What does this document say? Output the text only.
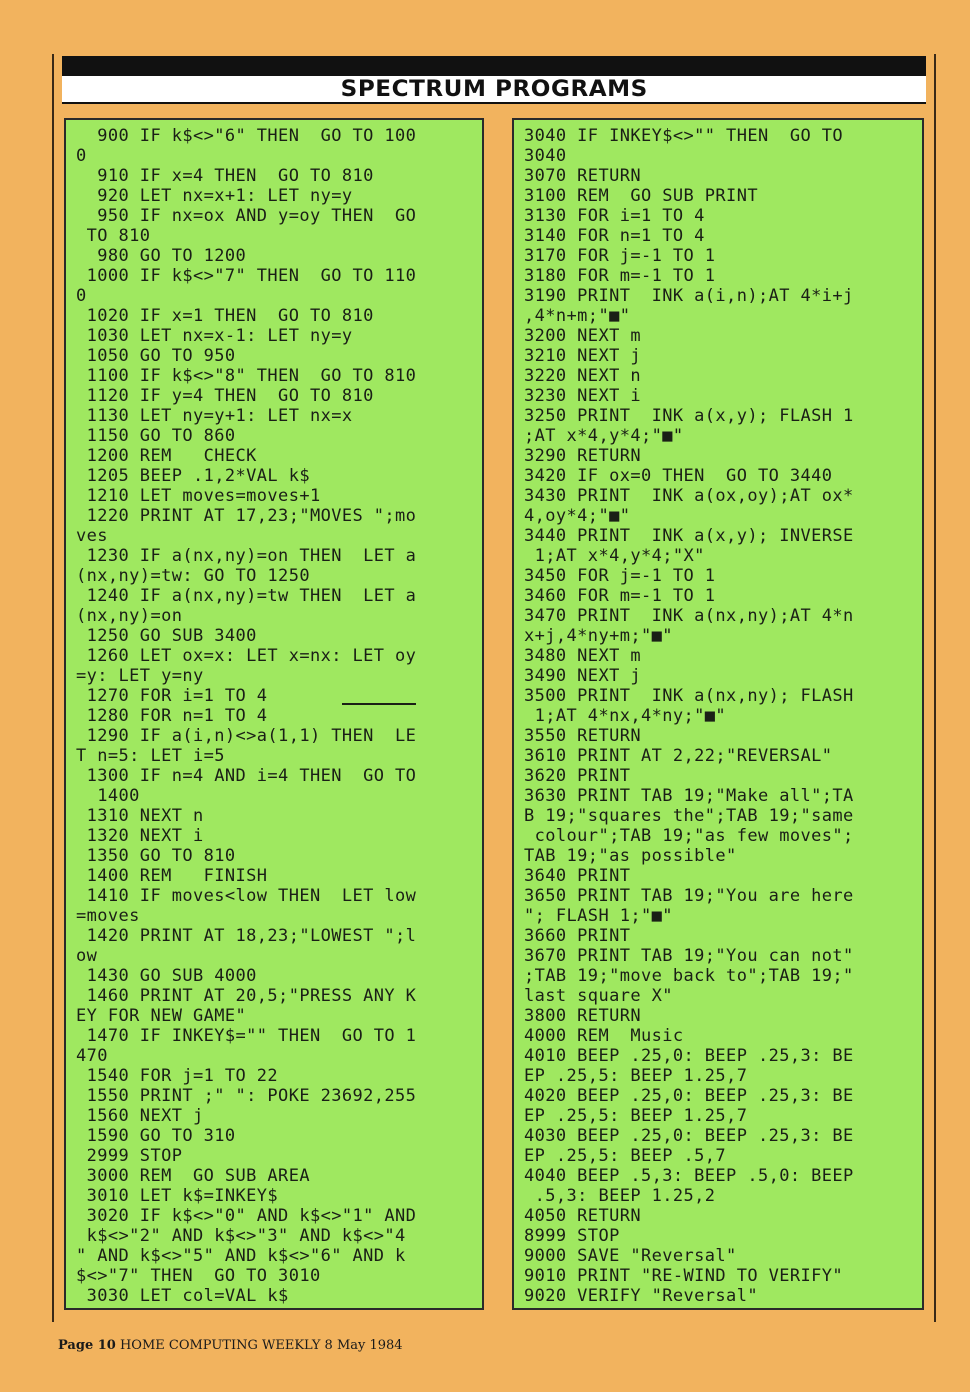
SPECTRUM PROGRAMS
900 IF k$<>"6" THEN  GO TO 100
0
910 IF x=4 THEN  GO TO 810
920 LET nx=x+1: LET ny=y
950 IF nx=ox AND y=oy THEN  GO
TO 810
980 GO TO 1200
1000 IF k$<>"7" THEN  GO TO 110
0
1020 IF x=1 THEN  GO TO 810
1030 LET nx=x-1: LET ny=y
1050 GO TO 950
1100 IF k$<>"8" THEN  GO TO 810
1120 IF y=4 THEN  GO TO 810
1130 LET ny=y+1: LET nx=x
1150 GO TO 860
1200 REM   CHECK
1205 BEEP .1,2*VAL k$
1210 LET moves=moves+1
1220 PRINT AT 17,23;"MOVES ";mo
ves
1230 IF a(nx,ny)=on THEN  LET a
(nx,ny)=tw: GO TO 1250
1240 IF a(nx,ny)=tw THEN  LET a
(nx,ny)=on
1250 GO SUB 3400
1260 LET ox=x: LET x=nx: LET oy
=y: LET y=ny
1270 FOR i=1 TO 4
1280 FOR n=1 TO 4
1290 IF a(i,n)<>a(1,1) THEN  LE
T n=5: LET i=5
1300 IF n=4 AND i=4 THEN  GO TO
1400
1310 NEXT n
1320 NEXT i
1350 GO TO 810
1400 REM   FINISH
1410 IF moves<low THEN  LET low
=moves
1420 PRINT AT 18,23;"LOWEST ";l
ow
1430 GO SUB 4000
1460 PRINT AT 20,5;"PRESS ANY K
EY FOR NEW GAME"
1470 IF INKEY$="" THEN  GO TO 1
470
1540 FOR j=1 TO 22
1550 PRINT ;" ": POKE 23692,255
1560 NEXT j
1590 GO TO 310
2999 STOP
3000 REM  GO SUB AREA
3010 LET k$=INKEY$
3020 IF k$<>"0" AND k$<>"1" AND
k$<>"2" AND k$<>"3" AND k$<>"4
" AND k$<>"5" AND k$<>"6" AND k
$<>"7" THEN  GO TO 3010
3030 LET col=VAL k$
3040 IF INKEY$<>"" THEN  GO TO
3040
3070 RETURN
3100 REM  GO SUB PRINT
3130 FOR i=1 TO 4
3140 FOR n=1 TO 4
3170 FOR j=-1 TO 1
3180 FOR m=-1 TO 1
3190 PRINT  INK a(i,n);AT 4*i+j
,4*n+m;"■"
3200 NEXT m
3210 NEXT j
3220 NEXT n
3230 NEXT i
3250 PRINT  INK a(x,y); FLASH 1
;AT x*4,y*4;"■"
3290 RETURN
3420 IF ox=0 THEN  GO TO 3440
3430 PRINT  INK a(ox,oy);AT ox*
4,oy*4;"■"
3440 PRINT  INK a(x,y); INVERSE
1;AT x*4,y*4;"X"
3450 FOR j=-1 TO 1
3460 FOR m=-1 TO 1
3470 PRINT  INK a(nx,ny);AT 4*n
x+j,4*ny+m;"■"
3480 NEXT m
3490 NEXT j
3500 PRINT  INK a(nx,ny); FLASH
1;AT 4*nx,4*ny;"■"
3550 RETURN
3610 PRINT AT 2,22;"REVERSAL"
3620 PRINT
3630 PRINT TAB 19;"Make all";TA
B 19;"squares the";TAB 19;"same
colour";TAB 19;"as few moves";
TAB 19;"as possible"
3640 PRINT
3650 PRINT TAB 19;"You are here
"; FLASH 1;"■"
3660 PRINT
3670 PRINT TAB 19;"You can not"
;TAB 19;"move back to";TAB 19;"
last square X"
3800 RETURN
4000 REM  Music
4010 BEEP .25,0: BEEP .25,3: BE
EP .25,5: BEEP 1.25,7
4020 BEEP .25,0: BEEP .25,3: BE
EP .25,5: BEEP 1.25,7
4030 BEEP .25,0: BEEP .25,3: BE
EP .25,5: BEEP .5,7
4040 BEEP .5,3: BEEP .5,0: BEEP
.5,3: BEEP 1.25,2
4050 RETURN
8999 STOP
9000 SAVE "Reversal"
9010 PRINT "RE-WIND TO VERIFY"
9020 VERIFY "Reversal"
Page 10 HOME COMPUTING WEEKLY 8 May 1984
